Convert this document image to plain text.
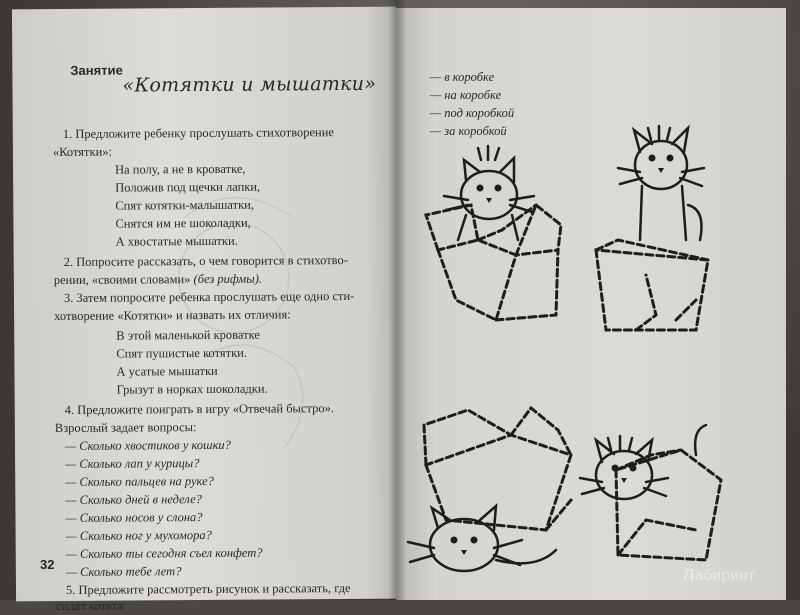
Занятие
«Котятки и мышатки»
1. Предложите ребенку прослушать стихотворение
«Котятки»:
На полу, а не в кроватке,
Положив под щечки лапки,
Спят котятки-малышатки,
Снятся им не шоколадки,
А хвостатые мышатки.
2. Попросите рассказать, о чем говорится в стихотво-
рении, «своими словами» (без рифмы).
3. Затем попросите ребенка прослушать еще одно сти-
хотворение «Котятки» и назвать их отличия:
В этой маленькой кроватке
Спят пушистые котятки.
А усатые мышатки
Грызут в норках шоколадки.
4. Предложите поиграть в игру «Отвечай быстро».
Взрослый задает вопросы:
— Сколько хвостиков у кошки?
— Сколько лап у курицы?
— Сколько пальцев на руке?
— Сколько дней в неделе?
— Сколько носов у слона?
— Сколько ног у мухомора?
— Сколько ты сегодня съел конфет?
— Сколько тебе лет?
5. Предложите рассмотреть рисунок и рассказать, где
сидят котята:
— в коробке
— на коробке
— под коробкой
— за коробкой
32
Лабиринт
